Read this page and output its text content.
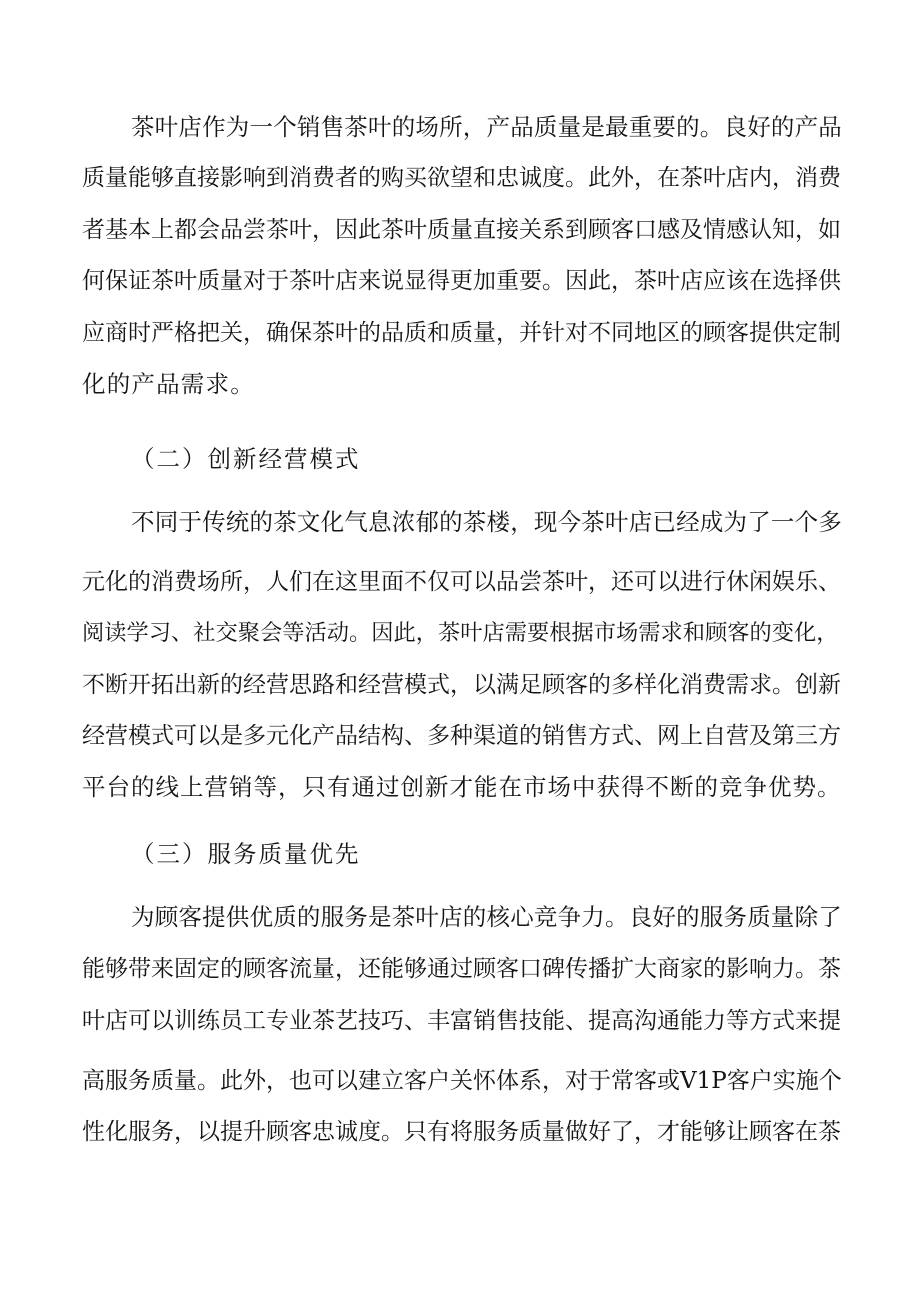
茶叶店作为一个销售茶叶的场所，产品质量是最重要的。良好的产品
质量能够直接影响到消费者的购买欲望和忠诚度。此外，在茶叶店内，消费
者基本上都会品尝茶叶，因此茶叶质量直接关系到顾客口感及情感认知，如
何保证茶叶质量对于茶叶店来说显得更加重要。因此，茶叶店应该在选择供
应商时严格把关，确保茶叶的品质和质量，并针对不同地区的顾客提供定制
化的产品需求。
（二）创新经营模式
不同于传统的茶文化气息浓郁的茶楼，现今茶叶店已经成为了一个多
元化的消费场所，人们在这里面不仅可以品尝茶叶，还可以进行休闲娱乐、
阅读学习、社交聚会等活动。因此，茶叶店需要根据市场需求和顾客的变化，
不断开拓出新的经营思路和经营模式，以满足顾客的多样化消费需求。创新
经营模式可以是多元化产品结构、多种渠道的销售方式、网上自营及第三方
平台的线上营销等，只有通过创新才能在市场中获得不断的竞争优势。
（三）服务质量优先
为顾客提供优质的服务是茶叶店的核心竞争力。良好的服务质量除了
能够带来固定的顾客流量，还能够通过顾客口碑传播扩大商家的影响力。茶
叶店可以训练员工专业茶艺技巧、丰富销售技能、提高沟通能力等方式来提
高服务质量。此外，也可以建立客户关怀体系，对于常客或V1P客户实施个
性化服务，以提升顾客忠诚度。只有将服务质量做好了，才能够让顾客在茶
